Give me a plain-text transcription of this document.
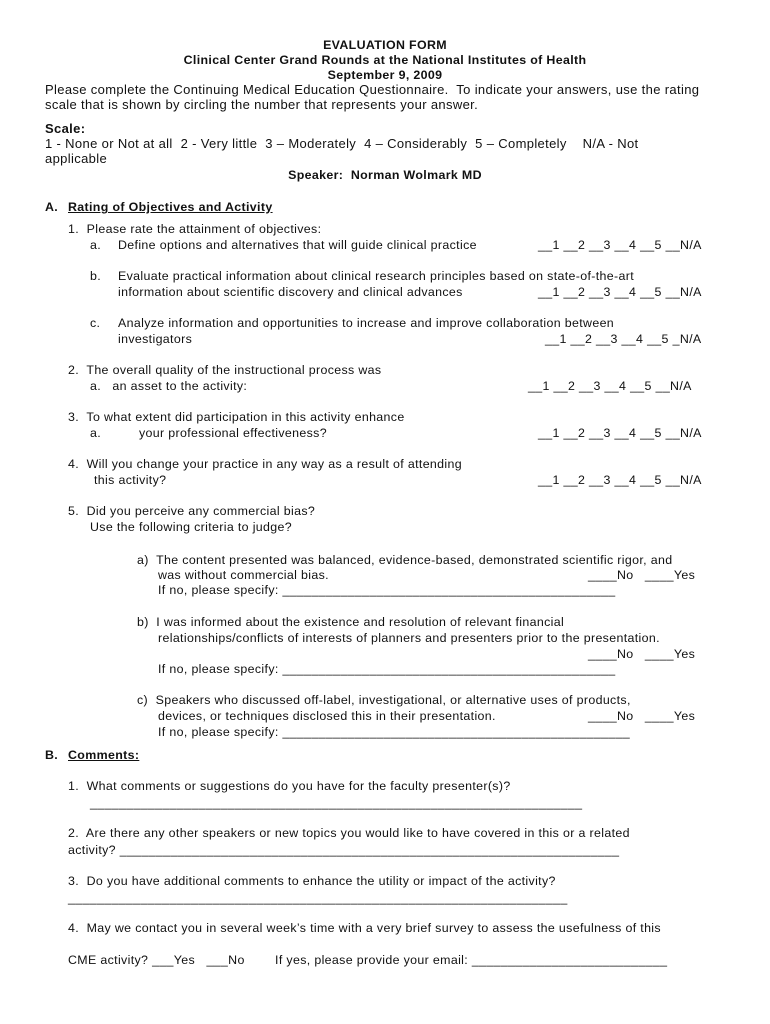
EVALUATION FORM
Clinical Center Grand Rounds at the National Institutes of Health
September 9, 2009
Please complete the Continuing Medical Education Questionnaire.  To indicate your answers, use the rating
scale that is shown by circling the number that represents your answer.
Scale:
1 - None or Not at all  2 - Very little  3 – Moderately  4 – Considerably  5 – Completely    N/A - Not
applicable
Speaker:  Norman Wolmark MD
A. Rating of Objectives and Activity
1.  Please rate the attainment of objectives:
a. Define options and alternatives that will guide clinical practice	__1 __2 __3 __4 __5 __N/A
b. Evaluate practical information about clinical research principles based on state-of-the-art
information about scientific discovery and clinical advances	__1 __2 __3 __4 __5 __N/A
c. Analyze information and opportunities to increase and improve collaboration between
investigators	__1 __2 __3 __4 __5 _N/A
2.  The overall quality of the instructional process was
a.   an asset to the activity:	__1 __2 __3 __4 __5 __N/A
3.  To what extent did participation in this activity enhance
a.          your professional effectiveness?	__1 __2 __3 __4 __5 __N/A
4.  Will you change your practice in any way as a result of attending
this activity?	__1 __2 __3 __4 __5 __N/A
5.  Did you perceive any commercial bias?
Use the following criteria to judge?
a)  The content presented was balanced, evidence-based, demonstrated scientific rigor, and
was without commercial bias.	____No   ____Yes
If no, please specify: ______________________________________________
b)  I was informed about the existence and resolution of relevant financial
relationships/conflicts of interests of planners and presenters prior to the presentation.
____No   ____Yes
If no, please specify: ______________________________________________
c)  Speakers who discussed off-label, investigational, or alternative uses of products,
devices, or techniques disclosed this in their presentation.	____No   ____Yes
If no, please specify: ________________________________________________
B. Comments:
1.  What comments or suggestions do you have for the faculty presenter(s)?
____________________________________________________________________
2.  Are there any other speakers or new topics you would like to have covered in this or a related
activity? _____________________________________________________________________
3.  Do you have additional comments to enhance the utility or impact of the activity?
_____________________________________________________________________
4.  May we contact you in several week’s time with a very brief survey to assess the usefulness of this
CME activity? ___Yes   ___No        If yes, please provide your email: ___________________________
